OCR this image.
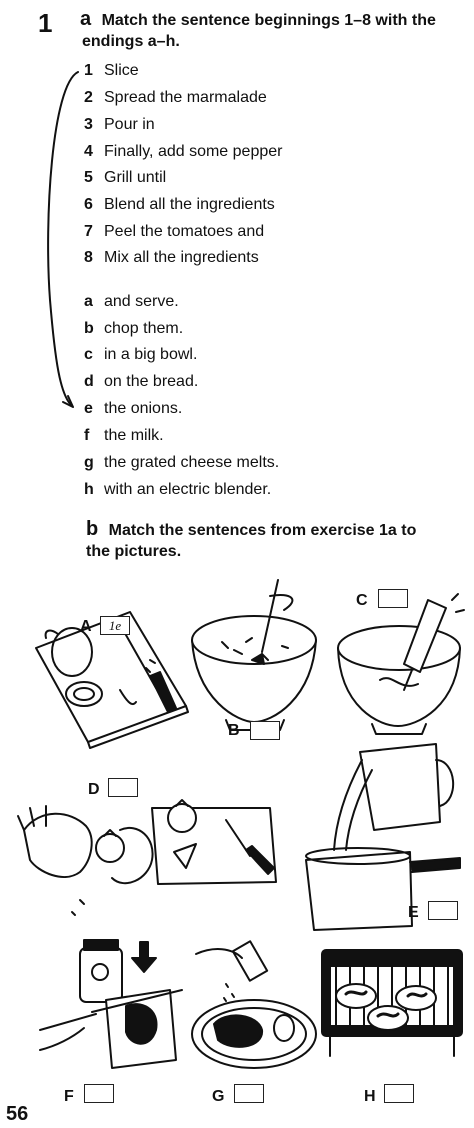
1 a Match the sentence beginnings 1–8 with the
endings a–h.
1 Slice
2 Spread the marmalade
3 Pour in
4 Finally, add some pepper
5 Grill until
6 Blend all the ingredients
7 Peel the tomatoes and
8 Mix all the ingredients
a and serve.
b chop them.
c in a big bowl.
d on the bread.
e the onions.
f the milk.
g the grated cheese melts.
h with an electric blender.
b Match the sentences from exercise 1a to
the pictures.
A	1e
B
C
D
E
F	G	H
56
